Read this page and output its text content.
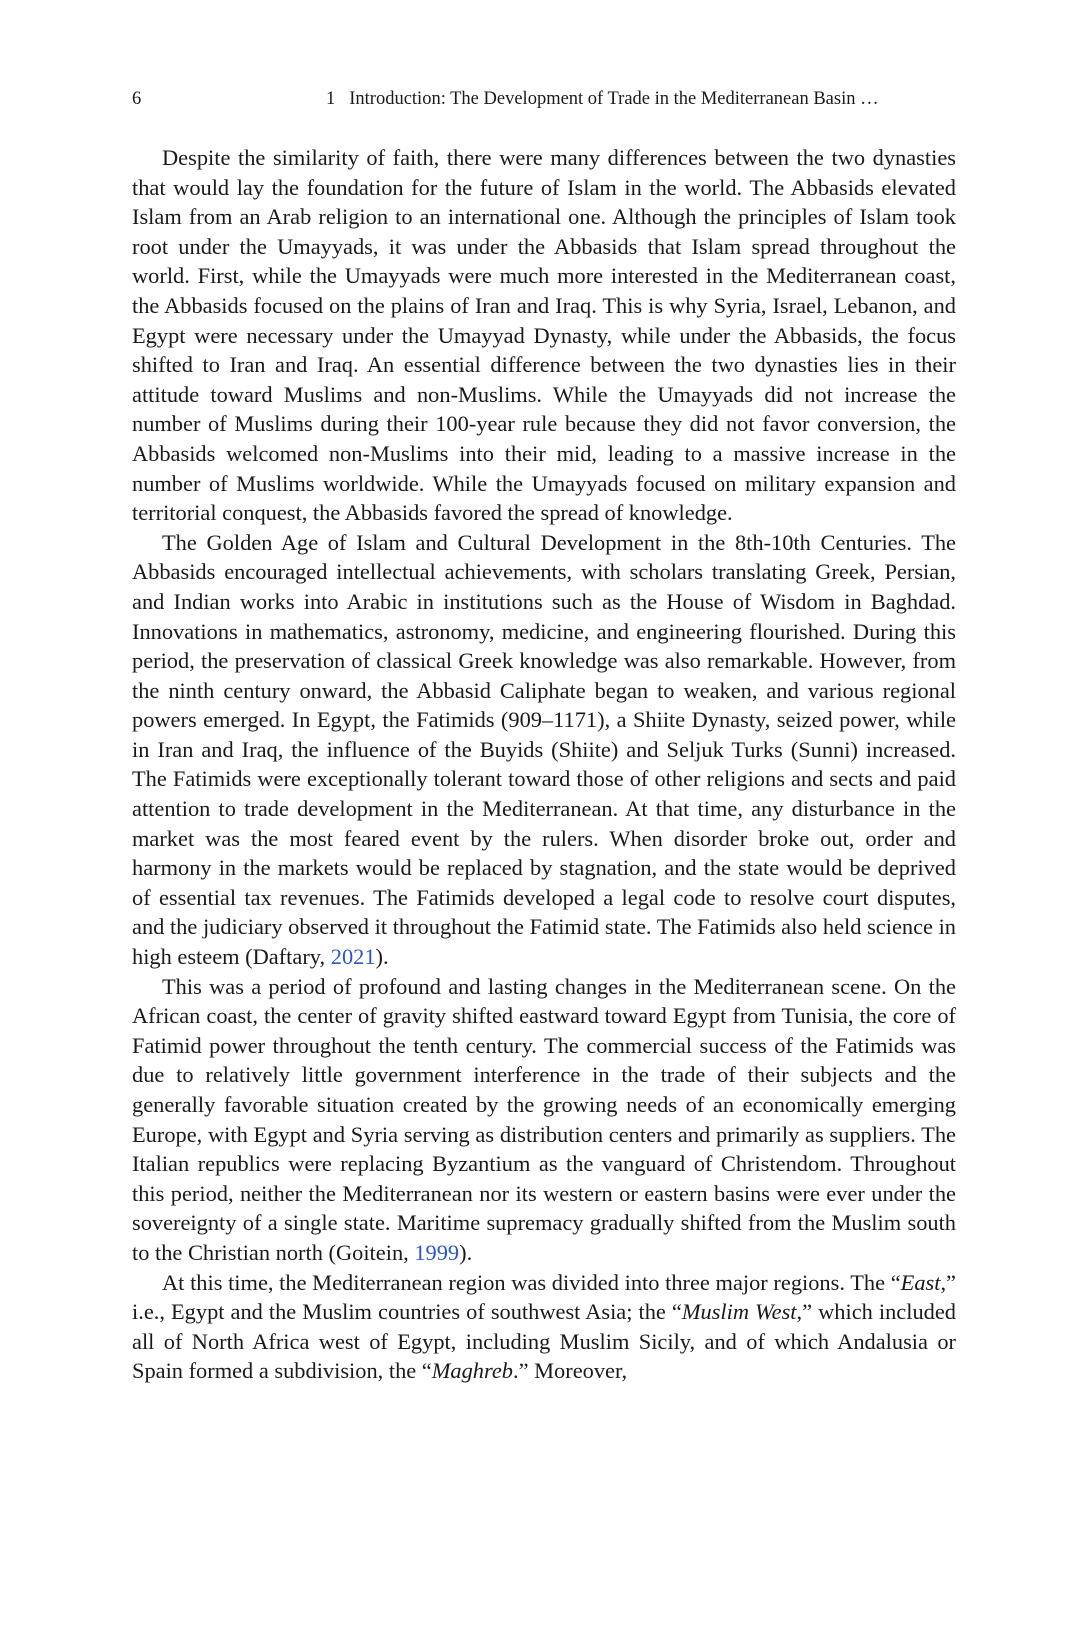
6	1 Introduction: The Development of Trade in the Mediterranean Basin …

Despite the similarity of faith, there were many differences between the two dynasties that would lay the foundation for the future of Islam in the world. The Abbasids elevated Islam from an Arab religion to an international one. Although the principles of Islam took root under the Umayyads, it was under the Abbasids that Islam spread throughout the world. First, while the Umayyads were much more interested in the Mediterranean coast, the Abbasids focused on the plains of Iran and Iraq. This is why Syria, Israel, Lebanon, and Egypt were necessary under the Umayyad Dynasty, while under the Abbasids, the focus shifted to Iran and Iraq. An essential difference between the two dynasties lies in their attitude toward Muslims and non-Muslims. While the Umayyads did not increase the number of Muslims during their 100-year rule because they did not favor conversion, the Abbasids welcomed non-Muslims into their mid, leading to a massive increase in the number of Muslims worldwide. While the Umayyads focused on military expansion and territorial conquest, the Abbasids favored the spread of knowledge.

The Golden Age of Islam and Cultural Development in the 8th-10th Centuries. The Abbasids encouraged intellectual achievements, with scholars translating Greek, Persian, and Indian works into Arabic in institutions such as the House of Wisdom in Baghdad. Innovations in mathematics, astronomy, medicine, and engineering flourished. During this period, the preservation of classical Greek knowledge was also remarkable. However, from the ninth century onward, the Abbasid Caliphate began to weaken, and various regional powers emerged. In Egypt, the Fatimids (909–1171), a Shiite Dynasty, seized power, while in Iran and Iraq, the influence of the Buyids (Shiite) and Seljuk Turks (Sunni) increased. The Fatimids were exceptionally tolerant toward those of other religions and sects and paid attention to trade development in the Mediterranean. At that time, any disturbance in the market was the most feared event by the rulers. When disorder broke out, order and harmony in the markets would be replaced by stagnation, and the state would be deprived of essential tax revenues. The Fatimids developed a legal code to resolve court disputes, and the judiciary observed it throughout the Fatimid state. The Fatimids also held science in high esteem (Daftary, 2021).

This was a period of profound and lasting changes in the Mediterranean scene. On the African coast, the center of gravity shifted eastward toward Egypt from Tunisia, the core of Fatimid power throughout the tenth century. The commercial success of the Fatimids was due to relatively little government interference in the trade of their subjects and the generally favorable situation created by the growing needs of an economically emerging Europe, with Egypt and Syria serving as distribution centers and primarily as suppliers. The Italian republics were replacing Byzantium as the vanguard of Christendom. Throughout this period, neither the Mediterranean nor its western or eastern basins were ever under the sovereignty of a single state. Maritime supremacy gradually shifted from the Muslim south to the Christian north (Goitein, 1999).

At this time, the Mediterranean region was divided into three major regions. The “East,” i.e., Egypt and the Muslim countries of southwest Asia; the “Muslim West,” which included all of North Africa west of Egypt, including Muslim Sicily, and of which Andalusia or Spain formed a subdivision, the “Maghreb.” Moreover,
